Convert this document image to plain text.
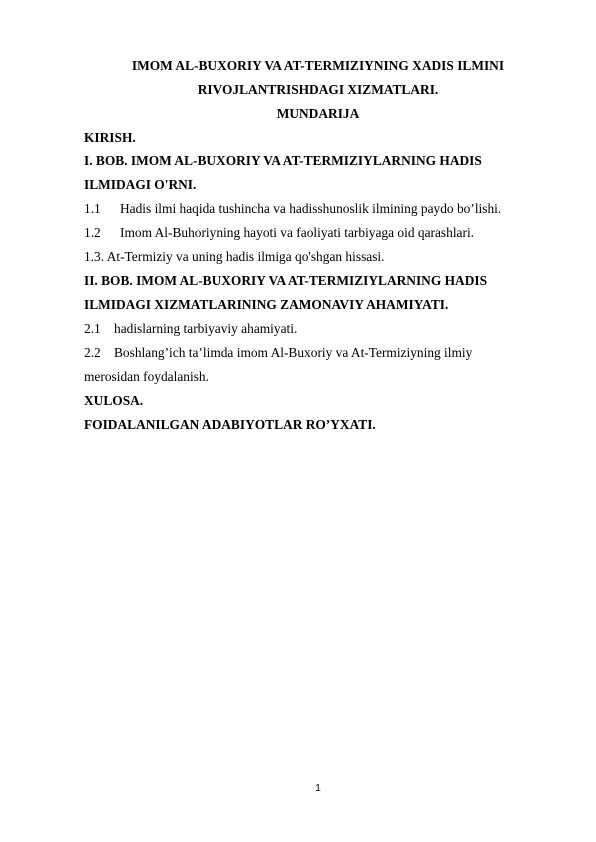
IMOM AL-BUXORIY VA AT-TERMIZIYNING XADIS ILMINI
RIVOJLANTRISHDAGI XIZMATLARI.
MUNDARIJA
KIRISH.
I. BOB. IMOM AL-BUXORIY VA AT-TERMIZIYLARNING HADIS
ILMIDAGI O'RNI.
1.1 Hadis ilmi haqida tushincha va hadisshunoslik ilmining paydo bo’lishi.
1.2 Imom Al-Buhoriyning hayoti va faoliyati tarbiyaga oid qarashlari.
1.3. At-Termiziy va uning hadis ilmiga qo'shgan hissasi.
II. BOB. IMOM AL-BUXORIY VA AT-TERMIZIYLARNING HADIS
ILMIDAGI XIZMATLARINING ZAMONAVIY AHAMIYATI.
2.1 hadislarning tarbiyaviy ahamiyati.
2.2 Boshlang’ich ta’limda imom Al-Buxoriy va At-Termiziyning ilmiy
merosidan foydalanish.
XULOSA.
FOIDALANILGAN ADABIYOTLAR RO’YXATI.
1
